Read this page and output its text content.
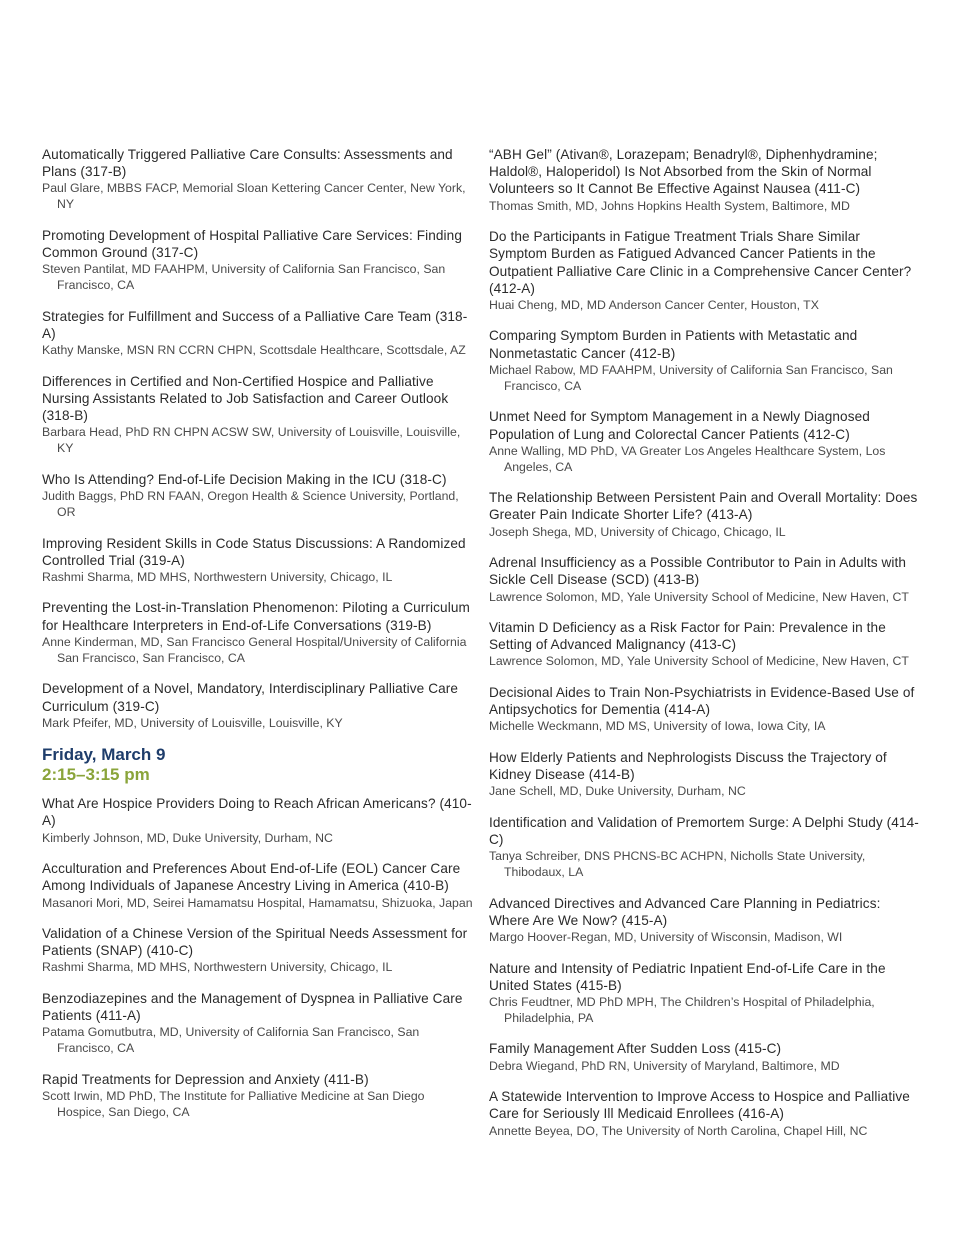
Automatically Triggered Palliative Care Consults: Assessments and Plans (317-B)
Paul Glare, MBBS FACP, Memorial Sloan Kettering Cancer Center, New York, NY
Promoting Development of Hospital Palliative Care Services: Finding Common Ground (317-C)
Steven Pantilat, MD FAAHPM, University of California San Francisco, San Francisco, CA
Strategies for Fulfillment and Success of a Palliative Care Team (318-A)
Kathy Manske, MSN RN CCRN CHPN, Scottsdale Healthcare, Scottsdale, AZ
Differences in Certified and Non-Certified Hospice and Palliative Nursing Assistants Related to Job Satisfaction and Career Outlook (318-B)
Barbara Head, PhD RN CHPN ACSW SW, University of Louisville, Louisville, KY
Who Is Attending? End-of-Life Decision Making in the ICU (318-C)
Judith Baggs, PhD RN FAAN, Oregon Health & Science University, Portland, OR
Improving Resident Skills in Code Status Discussions: A Randomized Controlled Trial (319-A)
Rashmi Sharma, MD MHS, Northwestern University, Chicago, IL
Preventing the Lost-in-Translation Phenomenon: Piloting a Curriculum for Healthcare Interpreters in End-of-Life Conversations (319-B)
Anne Kinderman, MD, San Francisco General Hospital/University of California San Francisco, San Francisco, CA
Development of a Novel, Mandatory, Interdisciplinary Palliative Care Curriculum (319-C)
Mark Pfeifer, MD, University of Louisville, Louisville, KY
Friday, March 9
2:15–3:15 pm
What Are Hospice Providers Doing to Reach African Americans? (410-A)
Kimberly Johnson, MD, Duke University, Durham, NC
Acculturation and Preferences About End-of-Life (EOL) Cancer Care Among Individuals of Japanese Ancestry Living in America (410-B)
Masanori Mori, MD, Seirei Hamamatsu Hospital, Hamamatsu, Shizuoka, Japan
Validation of a Chinese Version of the Spiritual Needs Assessment for Patients (SNAP) (410-C)
Rashmi Sharma, MD MHS, Northwestern University, Chicago, IL
Benzodiazepines and the Management of Dyspnea in Palliative Care Patients (411-A)
Patama Gomutbutra, MD, University of California San Francisco, San Francisco, CA
Rapid Treatments for Depression and Anxiety (411-B)
Scott Irwin, MD PhD, The Institute for Palliative Medicine at San Diego Hospice, San Diego, CA
“ABH Gel” (Ativan®, Lorazepam; Benadryl®, Diphenhydramine; Haldol®, Haloperidol) Is Not Absorbed from the Skin of Normal Volunteers so It Cannot Be Effective Against Nausea (411-C)
Thomas Smith, MD, Johns Hopkins Health System, Baltimore, MD
Do the Participants in Fatigue Treatment Trials Share Similar Symptom Burden as Fatigued Advanced Cancer Patients in the Outpatient Palliative Care Clinic in a Comprehensive Cancer Center? (412-A)
Huai Cheng, MD, MD Anderson Cancer Center, Houston, TX
Comparing Symptom Burden in Patients with Metastatic and Nonmetastatic Cancer (412-B)
Michael Rabow, MD FAAHPM, University of California San Francisco, San Francisco, CA
Unmet Need for Symptom Management in a Newly Diagnosed Population of Lung and Colorectal Cancer Patients (412-C)
Anne Walling, MD PhD, VA Greater Los Angeles Healthcare System, Los Angeles, CA
The Relationship Between Persistent Pain and Overall Mortality: Does Greater Pain Indicate Shorter Life? (413-A)
Joseph Shega, MD, University of Chicago, Chicago, IL
Adrenal Insufficiency as a Possible Contributor to Pain in Adults with Sickle Cell Disease (SCD) (413-B)
Lawrence Solomon, MD, Yale University School of Medicine, New Haven, CT
Vitamin D Deficiency as a Risk Factor for Pain: Prevalence in the Setting of Advanced Malignancy (413-C)
Lawrence Solomon, MD, Yale University School of Medicine, New Haven, CT
Decisional Aides to Train Non-Psychiatrists in Evidence-Based Use of Antipsychotics for Dementia (414-A)
Michelle Weckmann, MD MS, University of Iowa, Iowa City, IA
How Elderly Patients and Nephrologists Discuss the Trajectory of Kidney Disease (414-B)
Jane Schell, MD, Duke University, Durham, NC
Identification and Validation of Premortem Surge: A Delphi Study (414-C)
Tanya Schreiber, DNS PHCNS-BC ACHPN, Nicholls State University, Thibodaux, LA
Advanced Directives and Advanced Care Planning in Pediatrics: Where Are We Now? (415-A)
Margo Hoover-Regan, MD, University of Wisconsin, Madison, WI
Nature and Intensity of Pediatric Inpatient End-of-Life Care in the United States (415-B)
Chris Feudtner, MD PhD MPH, The Children’s Hospital of Philadelphia, Philadelphia, PA
Family Management After Sudden Loss (415-C)
Debra Wiegand, PhD RN, University of Maryland, Baltimore, MD
A Statewide Intervention to Improve Access to Hospice and Palliative Care for Seriously Ill Medicaid Enrollees (416-A)
Annette Beyea, DO, The University of North Carolina, Chapel Hill, NC
